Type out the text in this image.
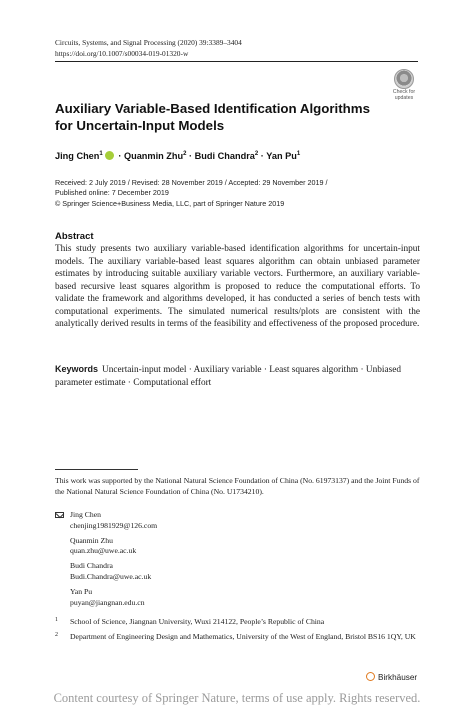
Circuits, Systems, and Signal Processing (2020) 39:3389–3404
https://doi.org/10.1007/s00034-019-01320-w
Check for
updates
Auxiliary Variable-Based Identification Algorithms for Uncertain-Input Models
Jing Chen$^1$ · Quanmin Zhu$^2$ · Budi Chandra$^2$ · Yan Pu$^1$
Received: 2 July 2019 / Revised: 28 November 2019 / Accepted: 29 November 2019 /
Published online: 7 December 2019
© Springer Science+Business Media, LLC, part of Springer Nature 2019
Abstract
This study presents two auxiliary variable-based identification algorithms for uncertain-input models. The auxiliary variable-based least squares algorithm can obtain unbiased parameter estimates by introducing suitable auxiliary variable vectors. Furthermore, an auxiliary variable-based recursive least squares algorithm is proposed to reduce the computational efforts. To validate the framework and algorithms developed, it has conducted a series of bench tests with computational experiments. The simulated numerical results/plots are consistent with the analytically derived results in terms of the feasibility and effectiveness of the proposed procedure.
Keywords Uncertain-input model · Auxiliary variable · Least squares algorithm · Unbiased parameter estimate · Computational effort
This work was supported by the National Natural Science Foundation of China (No. 61973137) and the Joint Funds of the National Natural Science Foundation of China (No. U1734210).
Jing Chen
chenjing1981929@126.com
Quanmin Zhu
quan.zhu@uwe.ac.uk
Budi Chandra
Budi.Chandra@uwe.ac.uk
Yan Pu
puyan@jiangnan.edu.cn
1 School of Science, Jiangnan University, Wuxi 214122, People’s Republic of China
2 Department of Engineering Design and Mathematics, University of the West of England, Bristol BS16 1QY, UK
Birkhäuser
Content courtesy of Springer Nature, terms of use apply. Rights reserved.
